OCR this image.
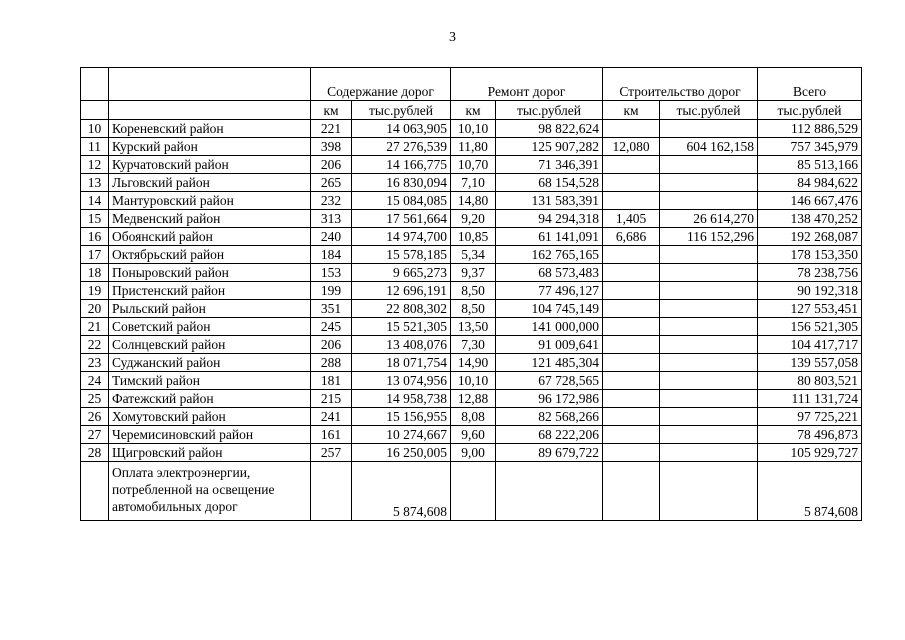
3
		Содержание дорог		Ремонт дорог		Строительство дорог		Всего
		км	тыс.рублей	км	тыс.рублей	км	тыс.рублей	тыс.рублей
10	Кореневский район	221	14 063,905	10,10	98 822,624			112 886,529
11	Курский район	398	27 276,539	11,80	125 907,282	12,080	604 162,158	757 345,979
12	Курчатовский район	206	14 166,775	10,70	71 346,391			85 513,166
13	Льговский район	265	16 830,094	7,10	68 154,528			84 984,622
14	Мантуровский район	232	15 084,085	14,80	131 583,391			146 667,476
15	Медвенский район	313	17 561,664	9,20	94 294,318	1,405	26 614,270	138 470,252
16	Обоянский район	240	14 974,700	10,85	61 141,091	6,686	116 152,296	192 268,087
17	Октябрьский район	184	15 578,185	5,34	162 765,165			178 153,350
18	Поныровский район	153	9 665,273	9,37	68 573,483			78 238,756
19	Пристенский район	199	12 696,191	8,50	77 496,127			90 192,318
20	Рыльский район	351	22 808,302	8,50	104 745,149			127 553,451
21	Советский район	245	15 521,305	13,50	141 000,000			156 521,305
22	Солнцевский район	206	13 408,076	7,30	91 009,641			104 417,717
23	Суджанский район	288	18 071,754	14,90	121 485,304			139 557,058
24	Тимский район	181	13 074,956	10,10	67 728,565			80 803,521
25	Фатежский район	215	14 958,738	12,88	96 172,986			111 131,724
26	Хомутовский район	241	15 156,955	8,08	82 568,266			97 725,221
27	Черемисиновский район	161	10 274,667	9,60	68 222,206			78 496,873
28	Щигровский район	257	16 250,005	9,00	89 679,722			105 929,727
	Оплата электроэнергии, потребленной на освещение автомобильных дорог		5 874,608					5 874,608
